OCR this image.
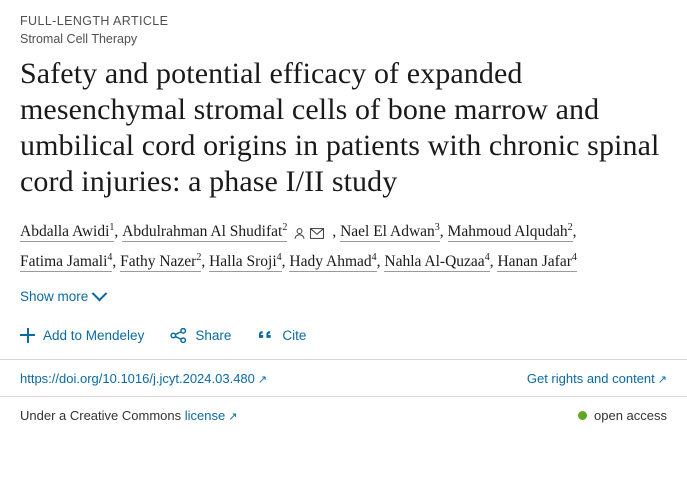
FULL-LENGTH ARTICLE
Stromal Cell Therapy
Safety and potential efficacy of expanded mesenchymal stromal cells of bone marrow and umbilical cord origins in patients with chronic spinal cord injuries: a phase I/II study
Abdalla Awidi$^1$, Abdulrahman Al Shudifat$^2$	, Nael El Adwan$^3$, Mahmoud Alqudah$^2$,
Fatima Jamali$^4$, Fathy Nazer$^2$, Halla Sroji$^4$, Hady Ahmad$^4$, Nahla Al-Quzaa$^4$, Hanan Jafar$^4$
Show more
Add to Mendeley	Share	Cite
https://doi.org/10.1016/j.jcyt.2024.03.480 ↗	Get rights and content ↗
Under a Creative Commons license ↗	open access
